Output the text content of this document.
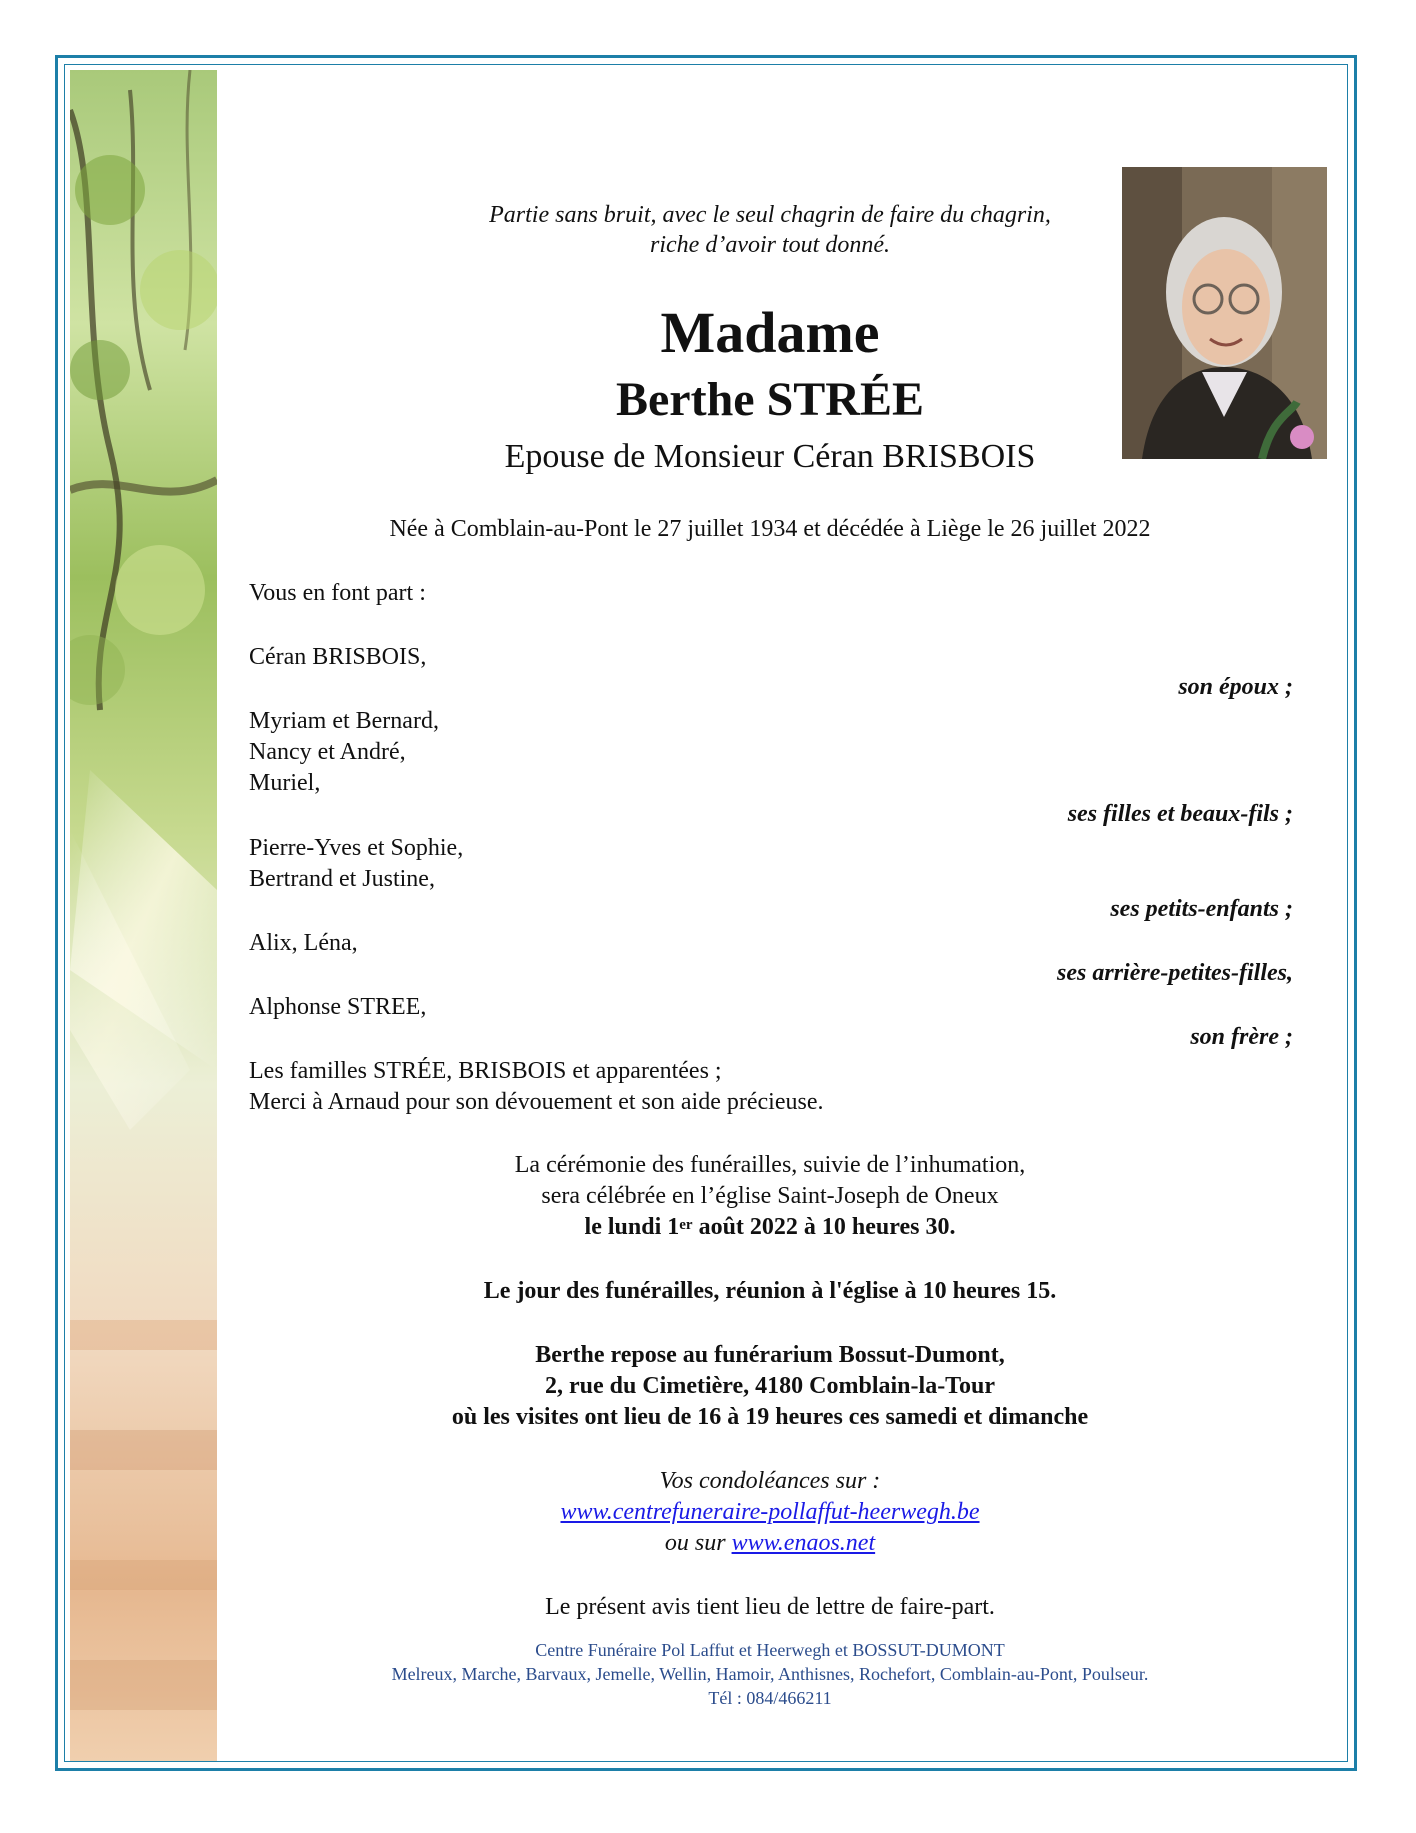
Partie sans bruit, avec le seul chagrin de faire du chagrin,
riche d’avoir tout donné.
Madame
Berthe STRÉE
Epouse de Monsieur Céran BRISBOIS
Née à Comblain-au-Pont le 27 juillet 1934 et décédée à Liège le 26 juillet 2022
Vous en font part :
Céran BRISBOIS,
son époux ;
Myriam et Bernard,
Nancy et André,
Muriel,
ses filles et beaux-fils ;
Pierre-Yves et Sophie,
Bertrand et Justine,
ses petits-enfants ;
Alix, Léna,
ses arrière-petites-filles,
Alphonse STREE,
son frère ;
Les familles STRÉE, BRISBOIS et apparentées ;
Merci à Arnaud pour son dévouement et son aide précieuse.
La cérémonie des funérailles, suivie de l’inhumation,
sera célébrée en l’église Saint-Joseph de Oneux
le lundi 1er août 2022 à 10 heures 30.
Le jour des funérailles, réunion à l'église à 10 heures 15.
Berthe repose au funérarium Bossut-Dumont,
2, rue du Cimetière, 4180 Comblain-la-Tour
où les visites ont lieu de 16 à 19 heures ces samedi et dimanche
Vos condoléances sur :
www.centrefuneraire-pollaffut-heerwegh.be
ou sur www.enaos.net
Le présent avis tient lieu de lettre de faire-part.
Centre Funéraire Pol Laffut et Heerwegh et BOSSUT-DUMONT
Melreux, Marche, Barvaux, Jemelle, Wellin, Hamoir, Anthisnes, Rochefort, Comblain-au-Pont, Poulseur.
Tél : 084/466211
